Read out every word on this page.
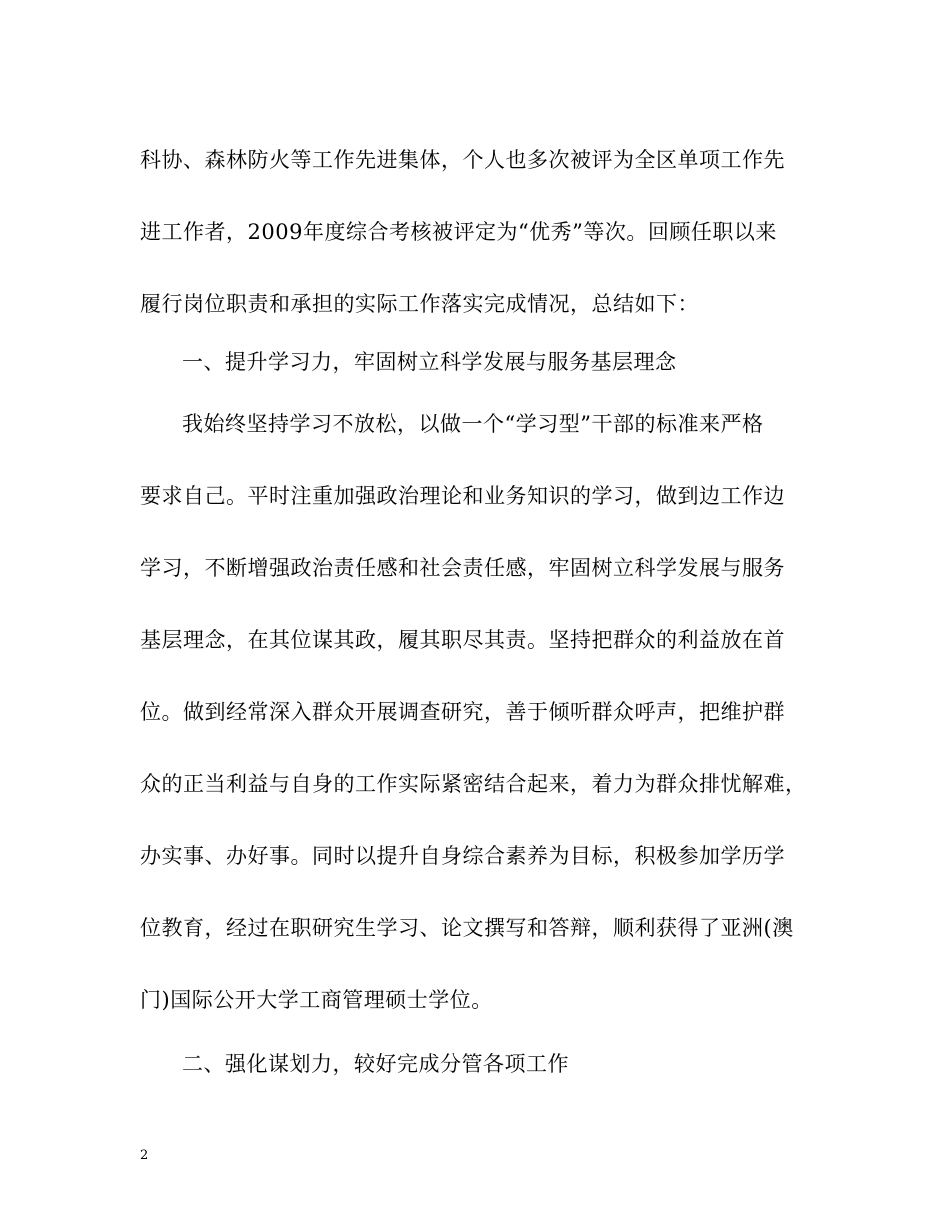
科协、森林防火等工作先进集体，个人也多次被评为全区单项工作先
进工作者，2009年度综合考核被评定为“优秀”等次。回顾任职以来
履行岗位职责和承担的实际工作落实完成情况，总结如下：
一、提升学习力，牢固树立科学发展与服务基层理念
我始终坚持学习不放松，以做一个“学习型”干部的标准来严格
要求自己。平时注重加强政治理论和业务知识的学习，做到边工作边
学习，不断增强政治责任感和社会责任感，牢固树立科学发展与服务
基层理念，在其位谋其政，履其职尽其责。坚持把群众的利益放在首
位。做到经常深入群众开展调查研究，善于倾听群众呼声，把维护群
众的正当利益与自身的工作实际紧密结合起来，着力为群众排忧解难，
办实事、办好事。同时以提升自身综合素养为目标，积极参加学历学
位教育，经过在职研究生学习、论文撰写和答辩，顺利获得了亚洲(澳
门)国际公开大学工商管理硕士学位。
二、强化谋划力，较好完成分管各项工作
2
